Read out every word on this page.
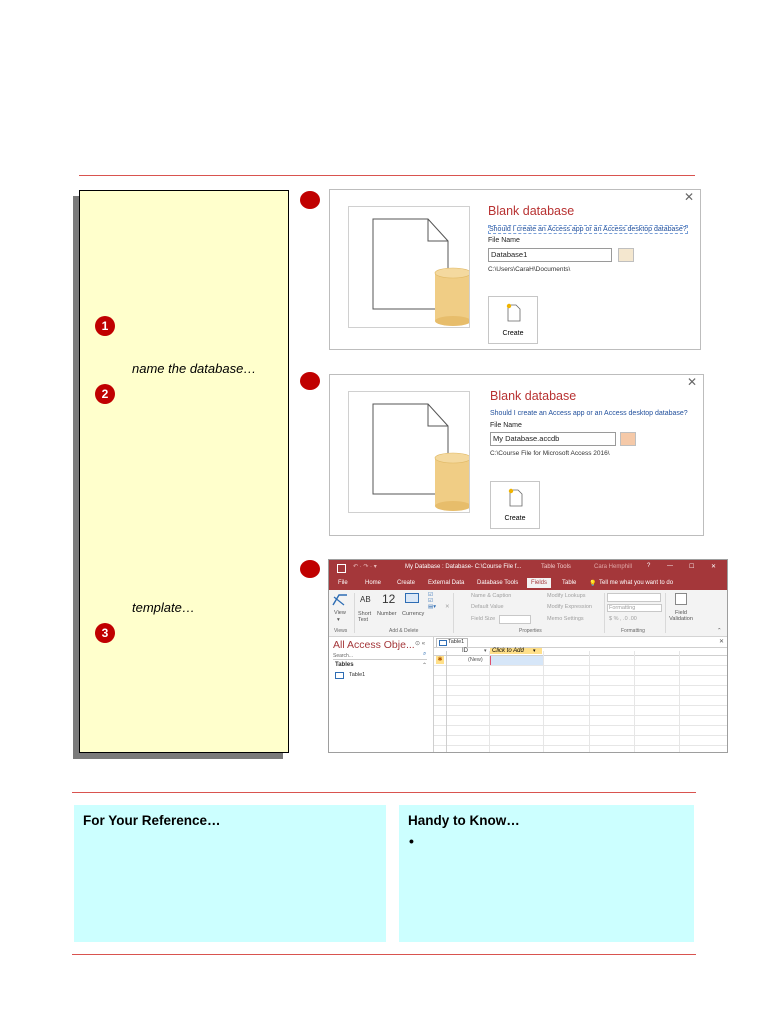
1
name the database…
2
template…
3
✕
Blank database
Should I create an Access app or an Access desktop database?
File Name
Database1
C:\Users\CaraH\Documents\
Create
✕
Blank database
Should I create an Access app or an Access desktop database?
File Name
My Database.accdb
C:\Course File for Microsoft Access 2016\
Create
↶ · ↷ · ▾	My Database : Database- C:\Course File f...	Table Tools	Cara Hemphill ?	—	☐	✕
File	Home	Create External Data Database Tools	Fields	Table 💡 Tell me what you want to do
View
▾
AB
Short Text
12
Number Currency
☑
☑
▤▾ ✕
Name & Caption
Default Value
Field Size
Modify Lookups
Modify Expression
Memo Settings
Formatting
$ % , .0 .00
Field Validation
⌃
Views	Add & Delete	Properties	Formatting
All Access Obje... ⊙ «
Search...	⌕
Tables	⌃
Table1
Table1	✕
ID	▾ Click to Add	▾
✱	(New)
For Your Reference…	Handy to Know…
•
